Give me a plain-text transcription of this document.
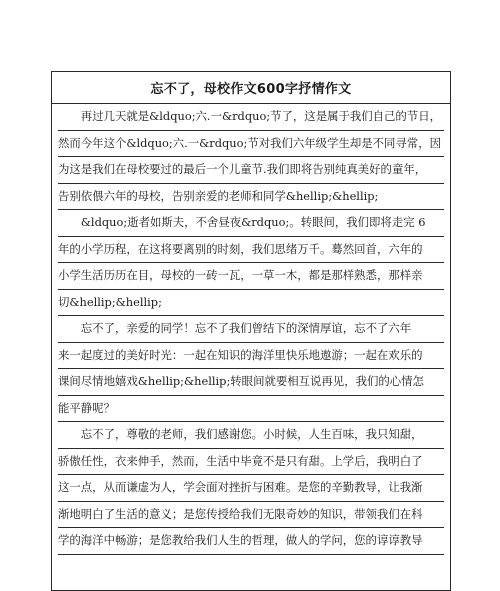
忘不了，母校作文600字抒情作文
再过几天就是&ldquo;六.一&rdquo;节了，这是属于我们自己的节日，
然而今年这个&ldquo;六.一&rdquo;节对我们六年级学生却是不同寻常，因
为这是我们在母校要过的最后一个儿童节.我们即将告别纯真美好的童年，
告别依偎六年的母校，告别亲爱的老师和同学&hellip;&hellip;
&ldquo;逝者如斯夫，不舍昼夜&rdquo;。转眼间，我们即将走完 6
年的小学历程，在这将要离别的时刻，我们思绪万千。蓦然回首，六年的
小学生活历历在目，母校的一砖一瓦，一草一木，都是那样熟悉，那样亲
切&hellip;&hellip;
忘不了，亲爱的同学！忘不了我们曾结下的深情厚谊，忘不了六年
来一起度过的美好时光：一起在知识的海洋里快乐地遨游；一起在欢乐的
课间尽情地嬉戏&hellip;&hellip;转眼间就要相互说再见，我们的心情怎
能平静呢？
忘不了，尊敬的老师，我们感谢您。小时候，人生百味，我只知甜，
骄傲任性，衣来伸手，然而，生活中毕竟不是只有甜。上学后，我明白了
这一点，从而谦虚为人，学会面对挫折与困难。是您的辛勤教导，让我渐
渐地明白了生活的意义；是您传授给我们无限奇妙的知识，带领我们在科
学的海洋中畅游；是您教给我们人生的哲理，做人的学问，您的谆谆教导
